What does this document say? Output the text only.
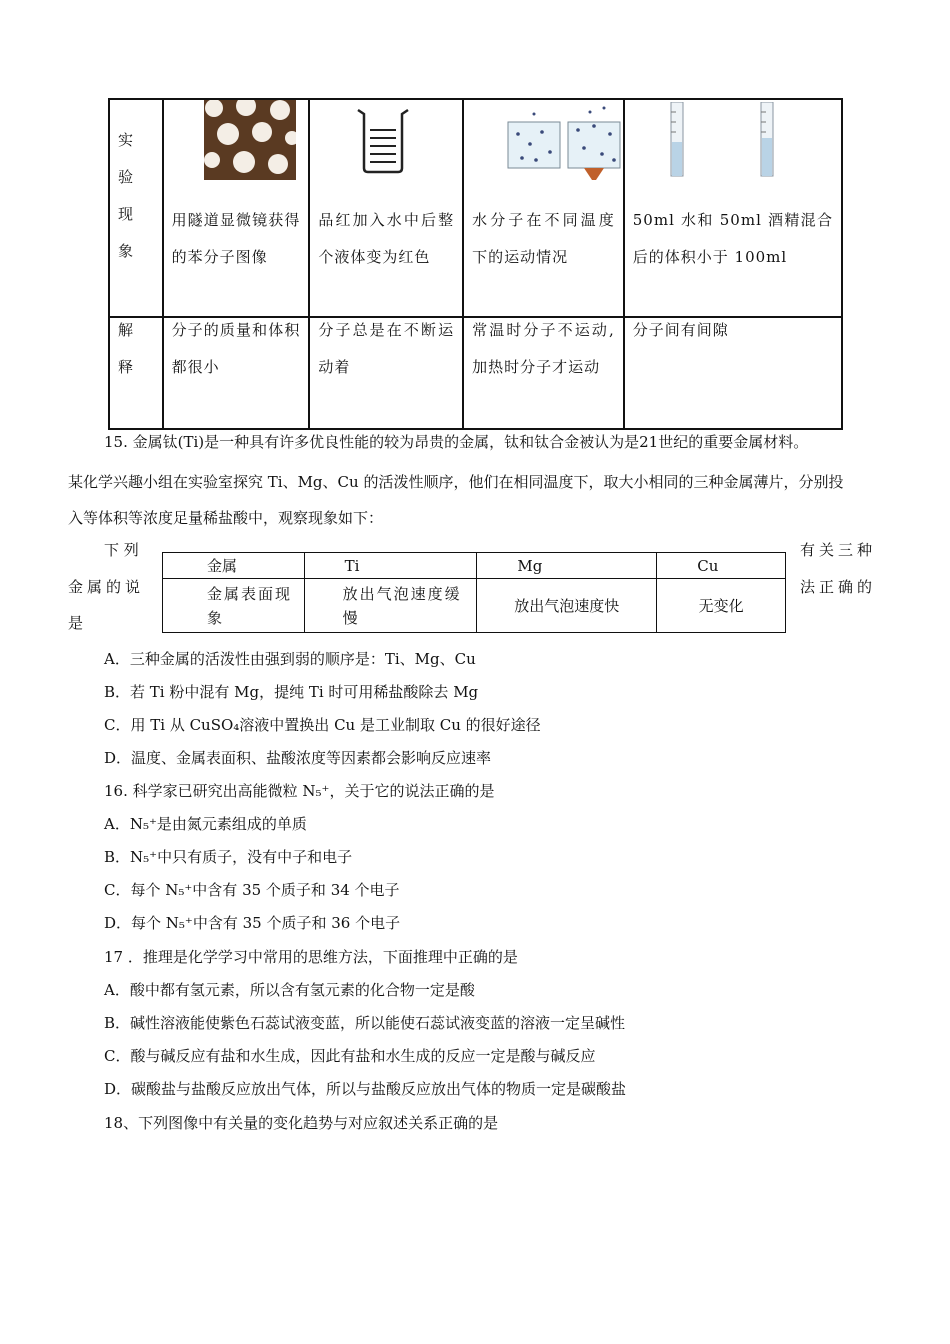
实验现象	用隧道显微镜获得的苯分子图像	品红加入水中后整个液体变为红色	水分子在不同温度下的运动情况	50ml 水和 50ml 酒精混合后的体积小于 100ml

解释	分子的质量和体积都很小	分子总是在不断运动着	常温时分子不运动,加热时分子才运动	分子间有间隙
15. 金属钛(Ti)是一种具有许多优良性能的较为昂贵的金属，钛和钛合金被认为是21世纪的重要金属材料。
某化学兴趣小组在实验室探究 Ti、Mg、Cu 的活泼性顺序，他们在相同温度下，取大小相同的三种金属薄片，分别投
入等体积等浓度足量稀盐酸中，观察现象如下：
下 列
金属的说
是
有关三种
法正确的
金属	Ti	Mg	Cu

金属表面现象	放出气泡速度缓慢	放出气泡速度快	无变化
A．三种金属的活泼性由强到弱的顺序是：Ti、Mg、Cu
B．若 Ti 粉中混有 Mg，提纯 Ti 时可用稀盐酸除去 Mg
C．用 Ti 从 CuSO₄溶液中置换出 Cu 是工业制取 Cu 的很好途径
D．温度、金属表面积、盐酸浓度等因素都会影响反应速率
16. 科学家已研究出高能微粒 N₅⁺，关于它的说法正确的是
A．N₅⁺是由氮元素组成的单质
B．N₅⁺中只有质子，没有中子和电子
C．每个 N₅⁺中含有 35 个质子和 34 个电子
D．每个 N₅⁺中含有 35 个质子和 36 个电子
17 ．推理是化学学习中常用的思维方法，下面推理中正确的是
A．酸中都有氢元素，所以含有氢元素的化合物一定是酸
B．碱性溶液能使紫色石蕊试液变蓝，所以能使石蕊试液变蓝的溶液一定呈碱性
C．酸与碱反应有盐和水生成，因此有盐和水生成的反应一定是酸与碱反应
D．碳酸盐与盐酸反应放出气体，所以与盐酸反应放出气体的物质一定是碳酸盐
18、下列图像中有关量的变化趋势与对应叙述关系正确的是
